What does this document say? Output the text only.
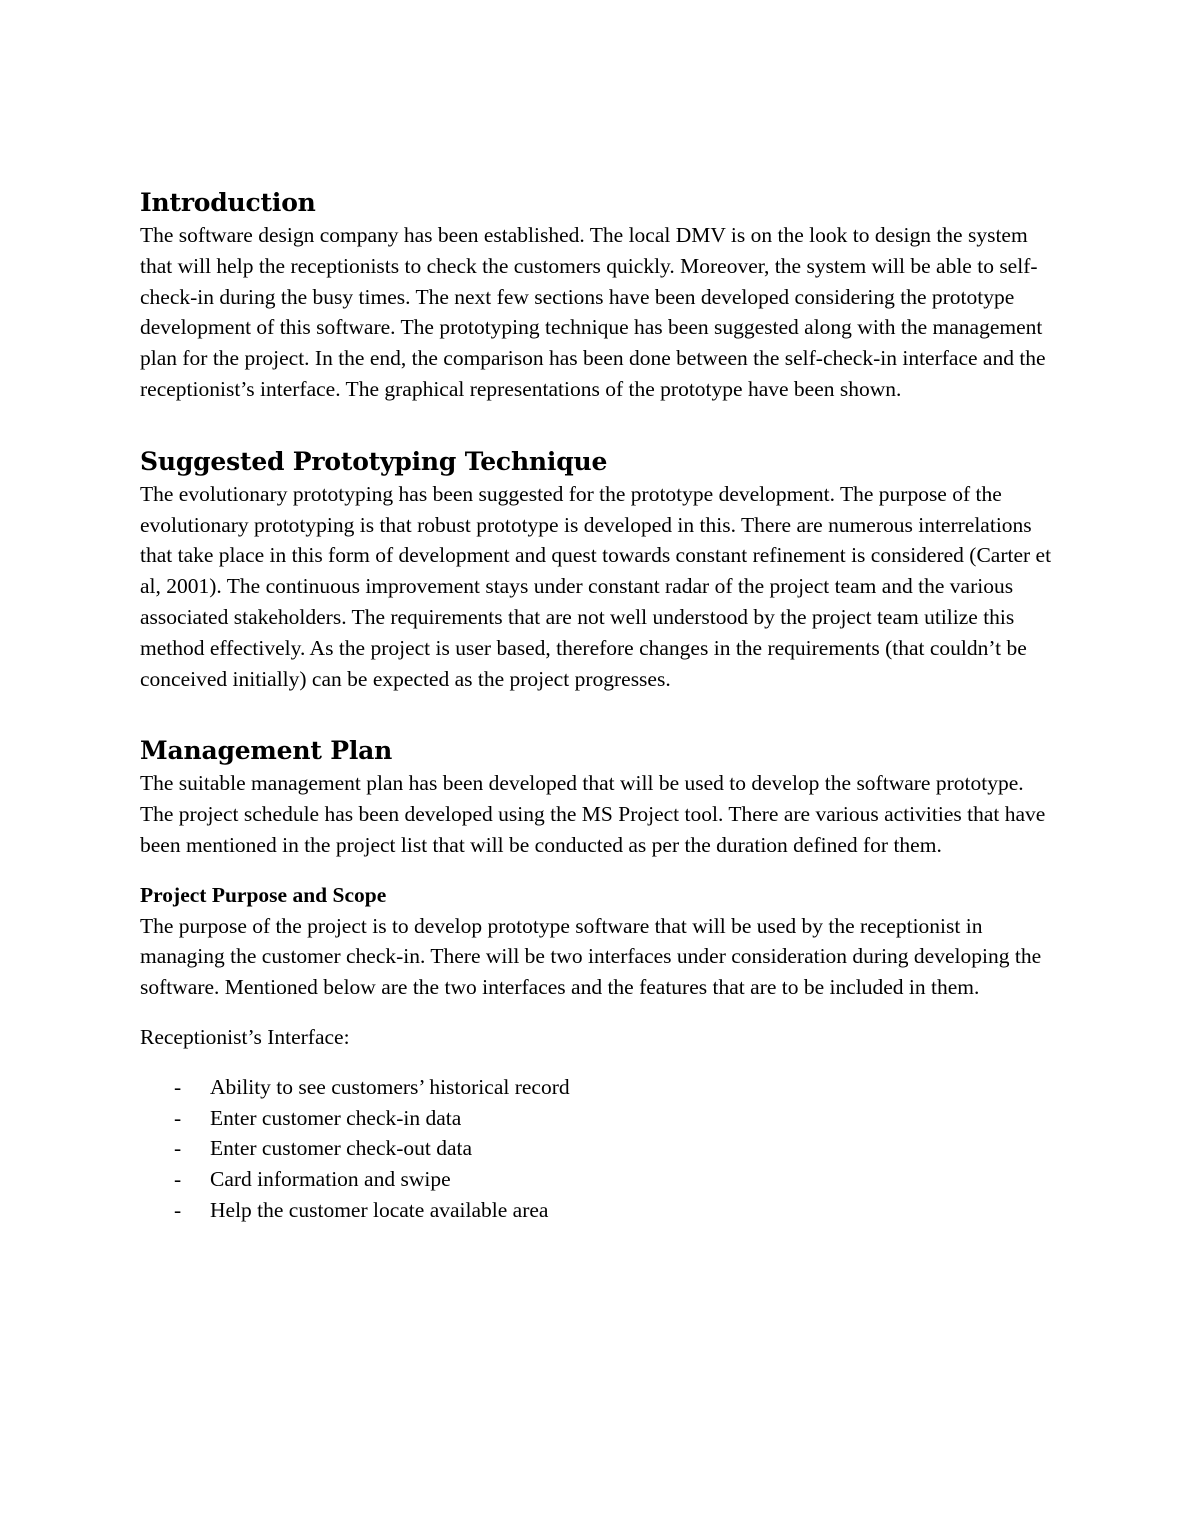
Introduction

The software design company has been established. The local DMV is on the look to design the system that will help the receptionists to check the customers quickly. Moreover, the system will be able to self-check-in during the busy times. The next few sections have been developed considering the prototype development of this software. The prototyping technique has been suggested along with the management plan for the project. In the end, the comparison has been done between the self-check-in interface and the receptionist’s interface. The graphical representations of the prototype have been shown.

Suggested Prototyping Technique

The evolutionary prototyping has been suggested for the prototype development. The purpose of the evolutionary prototyping is that robust prototype is developed in this. There are numerous interrelations that take place in this form of development and quest towards constant refinement is considered (Carter et al, 2001). The continuous improvement stays under constant radar of the project team and the various associated stakeholders. The requirements that are not well understood by the project team utilize this method effectively. As the project is user based, therefore changes in the requirements (that couldn’t be conceived initially) can be expected as the project progresses.

Management Plan

The suitable management plan has been developed that will be used to develop the software prototype. The project schedule has been developed using the MS Project tool. There are various activities that have been mentioned in the project list that will be conducted as per the duration defined for them.

Project Purpose and Scope

The purpose of the project is to develop prototype software that will be used by the receptionist in managing the customer check-in. There will be two interfaces under consideration during developing the software. Mentioned below are the two interfaces and the features that are to be included in them.

Receptionist’s Interface:

- Ability to see customers’ historical record
- Enter customer check-in data
- Enter customer check-out data
- Card information and swipe
- Help the customer locate available area
